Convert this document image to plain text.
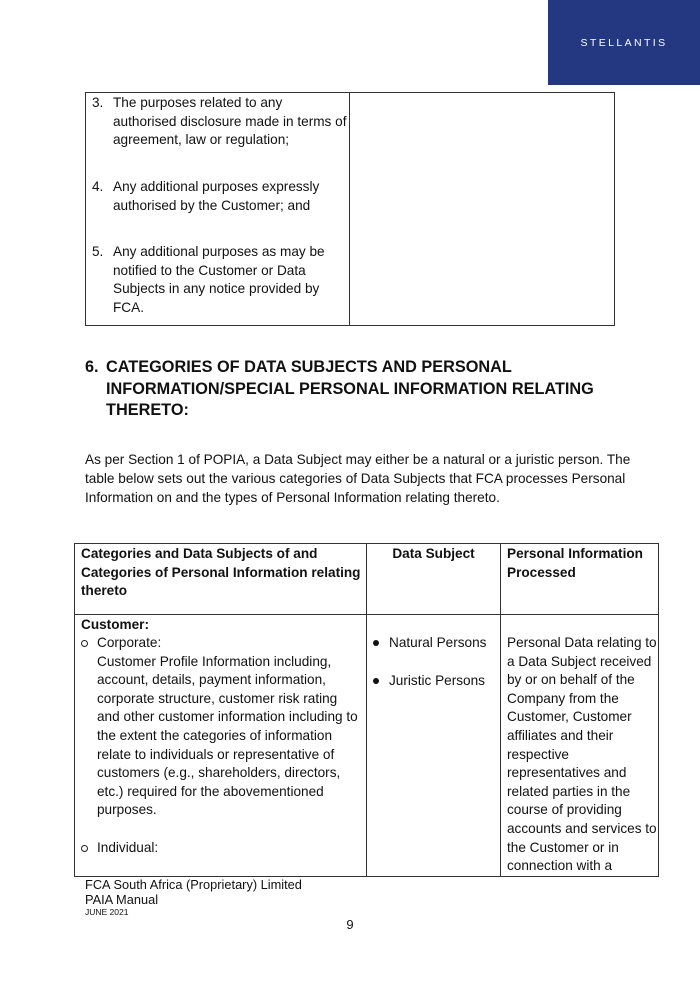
STELLANTIS
3. The purposes related to any authorised disclosure made in terms of agreement, law or regulation;
4. Any additional purposes expressly authorised by the Customer; and
5. Any additional purposes as may be notified to the Customer or Data Subjects in any notice provided by FCA.
6. CATEGORIES OF DATA SUBJECTS AND PERSONAL INFORMATION/SPECIAL PERSONAL INFORMATION RELATING THERETO:
As per Section 1 of POPIA, a Data Subject may either be a natural or a juristic person. The table below sets out the various categories of Data Subjects that FCA processes Personal Information on and the types of Personal Information relating thereto.
Categories and Data Subjects of and Categories of Personal Information relating thereto
Data Subject	Personal Information Processed
Customer:
Corporate:
Customer Profile Information including, account, details, payment information, corporate structure, customer risk rating and other customer information including to the extent the categories of information relate to individuals or representative of customers (e.g., shareholders, directors, etc.) required for the abovementioned purposes.
Individual:
Natural Persons
Juristic Persons
Personal Data relating to a Data Subject received by or on behalf of the Company from the Customer, Customer affiliates and their respective representatives and related parties in the course of providing accounts and services to the Customer or in connection with a
FCA South Africa (Proprietary) Limited
PAIA Manual
JUNE 2021
9
